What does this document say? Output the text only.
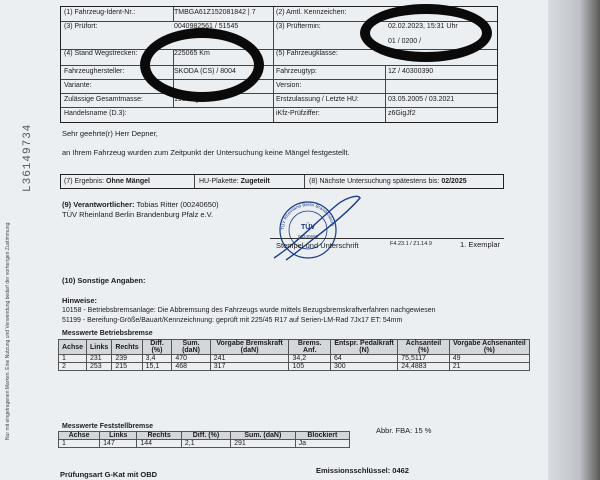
(1) Fahrzeug-Ident-Nr.:	TMBGA61Z152081842 | 7	(2) Amtl. Kennzeichen:
(3) Prüfort:	0040982561 / 51545	(3) Prüftermin:	02.02.2023, 15:31 Uhr
01 / 0200 /
(4) Stand Wegstrecken:	225065 Km	(5) Fahrzeugklasse:
Fahrzeughersteller:	SKODA (CS) / 8004	Fahrzeugtyp:	1Z / 40300390
Variante:	Version:
Zulässige Gesamtmasse:	1930 kg	Erstzulassung / Letzte HU:	03.05.2005 / 03.2021
Handelsname (D.3):	iKfz-Prüfziffer:	z6GigJf2
Nur mit eingetragenen Marken. Eine Nutzung und Verwendung bedarf der vorherigen Zustimmung
L36149734	Sehr geehrte(r) Herr Depner,
an Ihrem Fahrzeug wurden zum Zeitpunkt der Untersuchung keine Mängel festgestellt.
(7) Ergebnis: Ohne Mängel	HU-Plakette: Zugeteilt	(8) Nächste Untersuchung spätestens bis: 02/2025
(9) Verantwortlicher: Tobias Ritter (00240650)
TÜV Rheinland Berlin Brandenburg Pfalz e.V.
TÜV Rheinland Berlin Brandenburg
TÜV
00240650
Stempel und Unterschrift	F4.23.1 / Z1.14.9	1. Exemplar
(10) Sonstige Angaben:
Hinweise:
10158 - Betriebsbremsanlage: Die Abbremsung des Fahrzeugs wurde mittels Bezugsbremskraftverfahren nachgewiesen
51199 - Bereifung-Größe/Bauart/Kennzeichnung: geprüft mit 225/45 R17 auf Serien-LM-Rad 7Jx17 ET: 54mm
Messwerte Betriebsbremse
Achse	Links	Rechts	Diff. (%)	Sum. (daN)	Vorgabe Bremskraft (daN)	Brems. Anf.	Entspr. Pedalkraft (N)	Achsanteil (%)	Vorgabe Achsenanteil (%)
1	231	239	3,4	470	241	34,2	64	75,5117	49
2	253	215	15,1	468	317	105	300	24,4883	21
Messwerte Feststellbremse
Achse	Links	Rechts	Diff. (%)	Sum. (daN)	Blockiert
1	147	144	2,1	291	Ja
Abbr. FBA: 15 %
Prüfungsart G-Kat mit OBD	Emissionsschlüssel: 0462
